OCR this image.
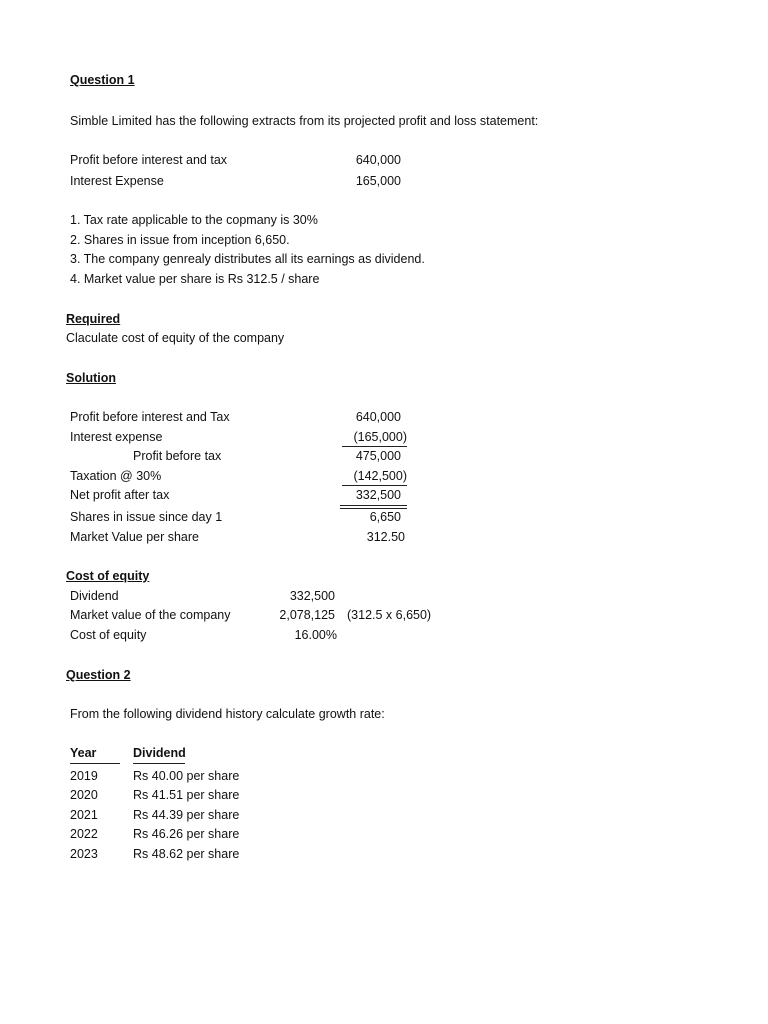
Question 1
Simble Limited has the following extracts from its projected profit and loss statement:
Profit before interest and tax	640,000
Interest Expense	165,000
1. Tax rate applicable to the copmany is 30%
2. Shares in issue from inception 6,650.
3. The company genrealy distributes all its earnings as dividend.
4. Market value per share is Rs 312.5 / share
Required
Claculate cost of equity of the company
Solution
Profit before interest and Tax	640,000
Interest expense	(165,000)
Profit before tax	475,000
Taxation @ 30%	(142,500)
Net profit after tax	332,500
Shares in issue since day 1	6,650
Market Value per share	312.50
Cost of equity
Dividend	332,500
Market value of the company	2,078,125 (312.5 x 6,650)
Cost of equity	16.00%
Question 2
From the following dividend history calculate growth rate:
Year	Dividend
2019	Rs 40.00 per share
2020	Rs 41.51 per share
2021	Rs 44.39 per share
2022	Rs 46.26 per share
2023	Rs 48.62 per share
